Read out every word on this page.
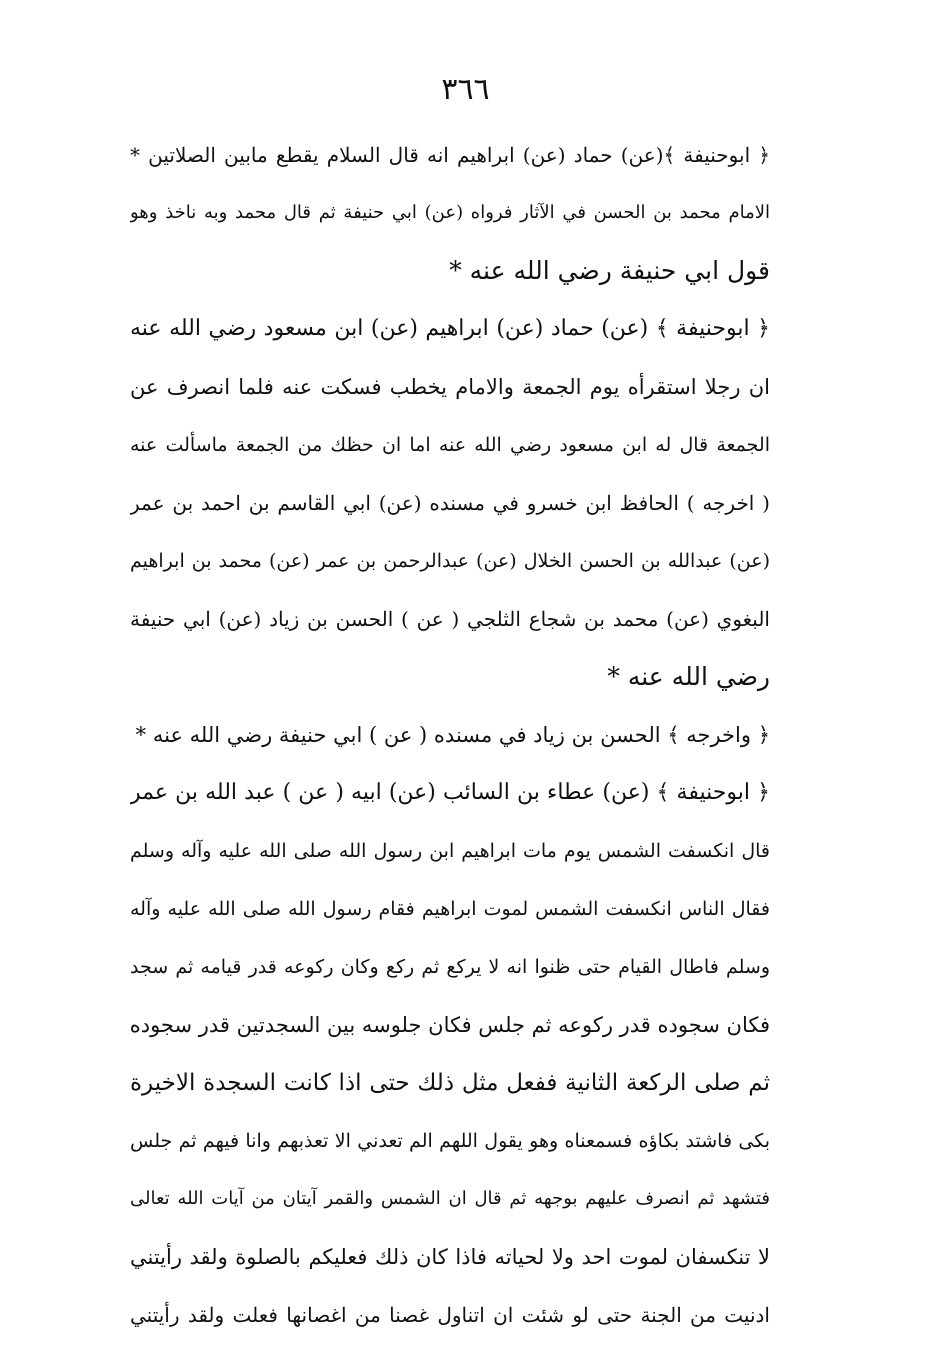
٣٦٦
﴿ ابوحنيفة ﴾(عن) حماد (عن) ابراهيم انه قال السلام يقطع مابين الصلاتين *
الامام محمد بن الحسن في الآثار فرواه (عن) ابي حنيفة ثم قال محمد وبه ناخذ وهو
قول ابي حنيفة رضي الله عنه *
﴿ ابوحنيفة ﴾ (عن) حماد (عن) ابراهيم (عن) ابن مسعود رضي الله عنه
ان رجلا استقرأه يوم الجمعة والامام يخطب فسكت عنه فلما انصرف عن
الجمعة قال له ابن مسعود رضي الله عنه اما ان حظك من الجمعة ماسألت عنه
( اخرجه ) الحافظ ابن خسرو في مسنده (عن) ابي القاسم بن احمد بن عمر
(عن) عبدالله بن الحسن الخلال (عن) عبدالرحمن بن عمر (عن) محمد بن ابراهيم
البغوي (عن) محمد بن شجاع الثلجي ( عن ) الحسن بن زياد (عن) ابي حنيفة
رضي الله عنه *
﴿ واخرجه ﴾ الحسن بن زياد في مسنده ( عن ) ابي حنيفة رضي الله عنه *
﴿ ابوحنيفة ﴾ (عن) عطاء بن السائب (عن) ابيه ( عن ) عبد الله بن عمر
قال انكسفت الشمس يوم مات ابراهيم ابن رسول الله صلى الله عليه وآله وسلم
فقال الناس انكسفت الشمس لموت ابراهيم فقام رسول الله صلى الله عليه وآله
وسلم فاطال القيام حتى ظنوا انه لا يركع ثم ركع وكان ركوعه قدر قيامه ثم سجد
فكان سجوده قدر ركوعه ثم جلس فكان جلوسه بين السجدتين قدر سجوده
ثم صلى الركعة الثانية ففعل مثل ذلك حتى اذا كانت السجدة الاخيرة
بكى فاشتد بكاؤه فسمعناه وهو يقول اللهم الم تعدني الا تعذبهم وانا فيهم ثم جلس
فتشهد ثم انصرف عليهم بوجهه ثم قال ان الشمس والقمر آيتان من آيات الله تعالى
لا تنكسفان لموت احد ولا لحياته فاذا كان ذلك فعليكم بالصلوة ولقد رأيتني
ادنيت من الجنة حتى لو شئت ان اتناول غصنا من اغصانها فعلت ولقد رأيتني
